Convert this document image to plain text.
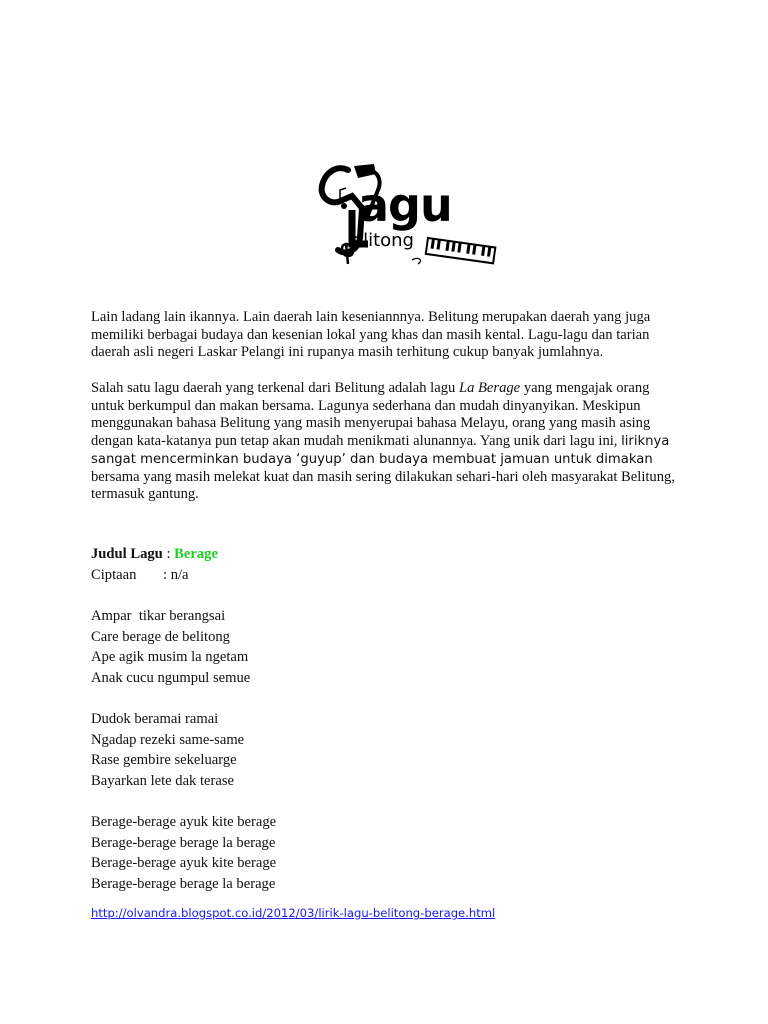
agu
elitong
Lain ladang lain ikannya. Lain daerah lain keseniannnya. Belitung merupakan daerah yang juga memiliki berbagai budaya dan kesenian lokal yang khas dan masih kental. Lagu-lagu dan tarian daerah asli negeri Laskar Pelangi ini rupanya masih terhitung cukup banyak jumlahnya.
Salah satu lagu daerah yang terkenal dari Belitung adalah lagu La Berage yang mengajak orang untuk berkumpul dan makan bersama. Lagunya sederhana dan mudah dinyanyikan. Meskipun menggunakan bahasa Belitung yang masih menyerupai bahasa Melayu, orang yang masih asing dengan kata-katanya pun tetap akan mudah menikmati alunannya. Yang unik dari lagu ini, liriknya sangat mencerminkan budaya ‘guyup’ dan budaya membuat jamuan untuk dimakan bersama yang masih melekat kuat dan masih sering dilakukan sehari-hari oleh masyarakat Belitung, termasuk gantung.
Judul Lagu : Berage
Ciptaan : n/a
Ampar  tikar berangsai
Care berage de belitong
Ape agik musim la ngetam
Anak cucu ngumpul semue
Dudok beramai ramai
Ngadap rezeki same-same
Rase gembire sekeluarge
Bayarkan lete dak terase
Berage-berage ayuk kite berage
Berage-berage berage la berage
Berage-berage ayuk kite berage
Berage-berage berage la berage
http://olvandra.blogspot.co.id/2012/03/lirik-lagu-belitong-berage.html
